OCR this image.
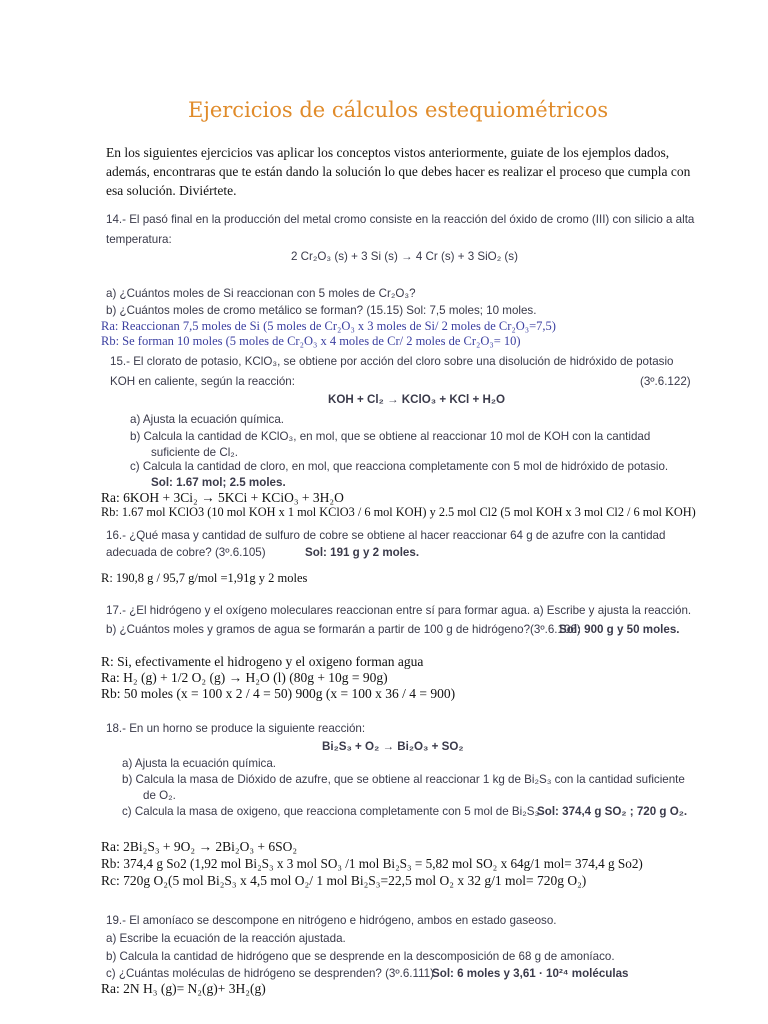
Ejercicios de cálculos estequiométricos
En los siguientes ejercicios vas aplicar los conceptos vistos anteriormente, guiate de los ejemplos dados, además, encontraras que te están dando la solución lo que debes hacer es realizar el proceso que cumpla con esa solución. Diviértete.
14.- El pasó final en la producción del metal cromo consiste en la reacción del óxido de cromo (III) con silicio a alta
temperatura:
2 Cr₂O₃ (s) + 3 Si (s) → 4 Cr (s) + 3 SiO₂ (s)
a) ¿Cuántos moles de Si reaccionan con 5 moles de Cr₂O₃?
b) ¿Cuántos moles de cromo metálico se forman? (15.15) Sol: 7,5 moles; 10 moles.
Ra: Reaccionan 7,5 moles de Si (5 moles de Cr₂O₃ x 3 moles de Si/ 2 moles de Cr₂O₃=7,5)
Rb: Se forman 10 moles (5 moles de Cr₂O₃ x 4 moles de Cr/ 2 moles de Cr₂O₃= 10)
15.- El clorato de potasio, KClO₃, se obtiene por acción del cloro sobre una disolución de hidróxido de potasio
KOH en caliente, según la reacción:	(3º.6.122)
KOH + Cl₂ → KClO₃ + KCl + H₂O
a) Ajusta la ecuación química.
b) Calcula la cantidad de KClO₃, en mol, que se obtiene al reaccionar 10 mol de KOH con la cantidad
suficiente de Cl₂.
c) Calcula la cantidad de cloro, en mol, que reacciona completamente con 5 mol de hidróxido de potasio.
Sol: 1.67 mol; 2.5 moles.
Ra: 6KOH + 3Ci₂ → 5KCi + KCiO₃ + 3H₂O
Rb: 1.67 mol KClO3 (10 mol KOH x 1 mol KClO3 / 6 mol KOH) y 2.5 mol Cl2 (5 mol KOH x 3 mol Cl2 / 6 mol KOH)
16.- ¿Qué masa y cantidad de sulfuro de cobre se obtiene al hacer reaccionar 64 g de azufre con la cantidad
adecuada de cobre? (3º.6.105)	Sol: 191 g y 2 moles.
R: 190,8 g / 95,7 g/mol =1,91g y 2 moles
17.- ¿El hidrógeno y el oxígeno moleculares reaccionan entre sí para formar agua. a) Escribe y ajusta la reacción.
b) ¿Cuántos moles y gramos de agua se formarán a partir de 100 g de hidrógeno?(3º.6.106)
Sol: 900 g y 50 moles.
R: Si, efectivamente el hidrogeno y el oxigeno forman agua
Ra: H₂ (g) + 1/2 O₂ (g) → H₂O (l) (80g + 10g = 90g)
Rb: 50 moles (x = 100 x 2 / 4 = 50) 900g (x = 100 x 36 / 4 = 900)
18.- En un horno se produce la siguiente reacción:
Bi₂S₃ + O₂ → Bi₂O₃ + SO₂
a) Ajusta la ecuación química.
b) Calcula la masa de Dióxido de azufre, que se obtiene al reaccionar 1 kg de Bi₂S₃ con la cantidad suficiente
de O₂.
c) Calcula la masa de oxigeno, que reacciona completamente con 5 mol de Bi₂S₃.
Sol: 374,4 g SO₂ ; 720 g O₂.
Ra: 2Bi₂S₃ + 9O₂ → 2Bi₂O₃ + 6SO₂
Rb: 374,4 g So2 (1,92 mol Bi₂S₃ x 3 mol SO₃ /1 mol Bi₂S₃ = 5,82 mol SO₂ x 64g/1 mol= 374,4 g So2)
Rc: 720g O₂(5 mol Bi₂S₃ x 4,5 mol O₂/ 1 mol Bi₂S₃=22,5 mol O₂ x 32 g/1 mol= 720g O₂)
19.- El amoníaco se descompone en nitrógeno e hidrógeno, ambos en estado gaseoso.
a) Escribe la ecuación de la reacción ajustada.
b) Calcula la cantidad de hidrógeno que se desprende en la descomposición de 68 g de amoníaco.
c) ¿Cuántas moléculas de hidrógeno se desprenden? (3º.6.111)
Sol: 6 moles y 3,61 · 10²⁴ moléculas
Ra: 2N H₃ (g)= N₂(g)+ 3H₂(g)
